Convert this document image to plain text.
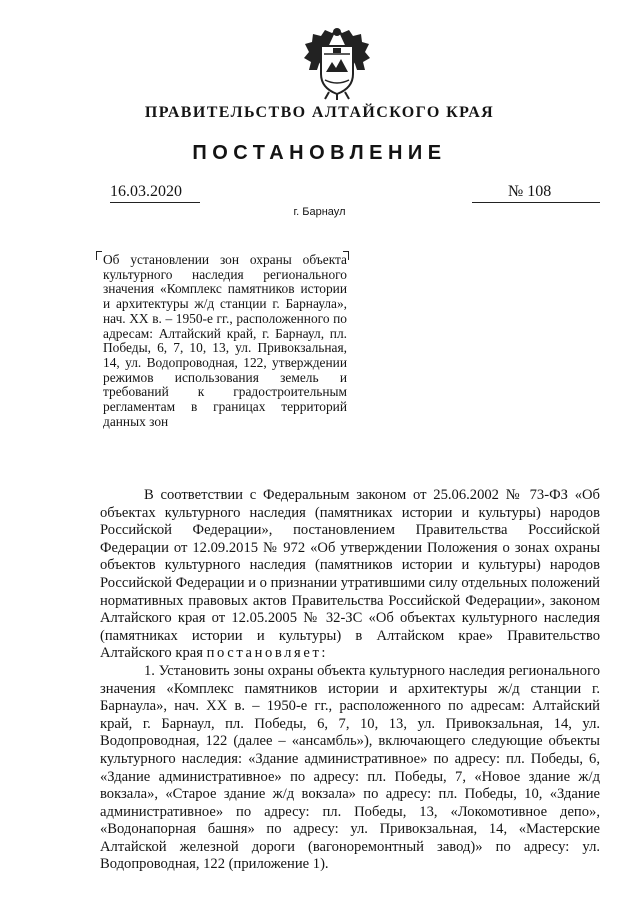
ПРАВИТЕЛЬСТВО АЛТАЙСКОГО КРАЯ
ПОСТАНОВЛЕНИЕ
16.03.2020	№ 108
г. Барнаул
Об установлении зон охраны объекта культурного наследия регионального значения «Комплекс памятников истории и архитектуры ж/д станции г. Барнаула», нач. XX в. – 1950-е гг., расположенного по адресам: Алтайский край, г. Барнаул, пл. Победы, 6, 7, 10, 13, ул. Привокзальная, 14, ул. Водопроводная, 122, утверждении режимов использования земель и требований к градостроительным регламентам в границах территорий данных зон

В соответствии с Федеральным законом от 25.06.2002 № 73-ФЗ «Об объектах культурного наследия (памятниках истории и культуры) народов Российской Федерации», постановлением Правительства Российской Федерации от 12.09.2015 № 972 «Об утверждении Положения о зонах охраны объектов культурного наследия (памятников истории и культуры) народов Российской Федерации и о признании утратившими силу отдельных положений нормативных правовых актов Правительства Российской Федерации», законом Алтайского края от 12.05.2005 № 32-ЗС «Об объектах культурного наследия (памятниках истории и культуры) в Алтайском крае» Правительство Алтайского края постановляет:

1. Установить зоны охраны объекта культурного наследия регионального значения «Комплекс памятников истории и архитектуры ж/д станции г. Барнаула», нач. XX в. – 1950-е гг., расположенного по адресам: Алтайский край, г. Барнаул, пл. Победы, 6, 7, 10, 13, ул. Привокзальная, 14, ул. Водопроводная, 122 (далее – «ансамбль»), включающего следующие объекты культурного наследия: «Здание административное» по адресу: пл. Победы, 6, «Здание административное» по адресу: пл. Победы, 7, «Новое здание ж/д вокзала», «Старое здание ж/д вокзала» по адресу: пл. Победы, 10, «Здание административное» по адресу: пл. Победы, 13, «Локомотивное депо», «Водонапорная башня» по адресу: ул. Привокзальная, 14, «Мастерские Алтайской железной дороги (вагоноремонтный завод)» по адресу: ул. Водопроводная, 122 (приложение 1).
